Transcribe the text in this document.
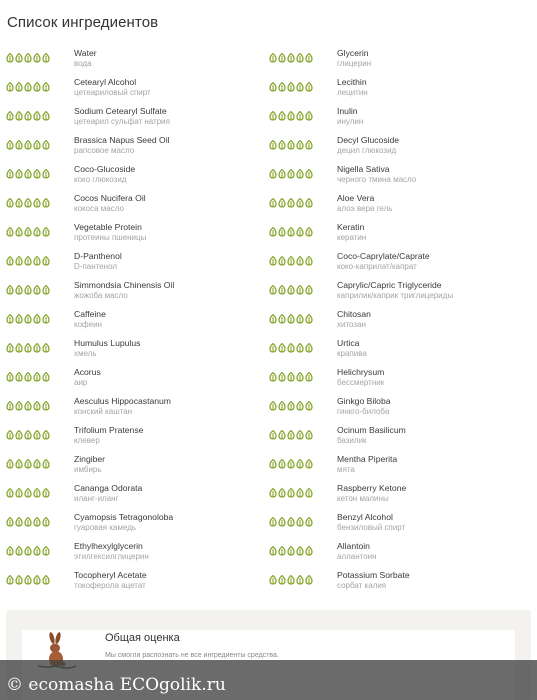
Список ингредиентов
Water
вода
Cetearyl Alcohol
цетеариловый спирт
Sodium Cetearyl Sulfate
цетеарил сульфат натрия
Brassica Napus Seed Oil
рапсовое масло
Coco-Glucoside
коко глюкозид
Cocos Nucifera Oil
кокоса масло
Vegetable Protein
протеины пшеницы
D-Panthenol
D-пантенол
Simmondsia Chinensis Oil
жожоба масло
Caffeine
кофеин
Humulus Lupulus
хмель
Acorus
аир
Aesculus Hippocastanum
конский каштан
Trifolium Pratense
клевер
Zingiber
имбирь
Cananga Odorata
иланг-иланг
Cyamopsis Tetragonoloba
гуаровая камедь
Ethylhexylglycerin
этилгексилглицерин
Tocopheryl Acetate
токоферола ацетат
Glycerin
глицерин
Lecithin
лецитин
Inulin
инулин
Decyl Glucoside
децил глюкозид
Nigella Sativa
черного тмина масло
Aloe Vera
алоэ вера гель
Keratin
кератин
Coco-Caprylate/Caprate
коко-каприлат/капрат
Caprylic/Capric Triglyceride
каприлик/каприк триглицериды
Chitosan
хитозан
Urtica
крапива
Helichrysum
бессмертник
Ginkgo Biloba
гинкго-билоба
Ocinum Basilicum
базилик
Mentha Piperita
мята
Raspberry Ketone
кетон малины
Benzyl Alcohol
бензиловый спирт
Allantoin
аллантоин
Potassium Sorbate
сорбат калия
Общая оценка
Мы смогли распознать не все ингредиенты средства.
© ecomasha ECOgolik.ru
